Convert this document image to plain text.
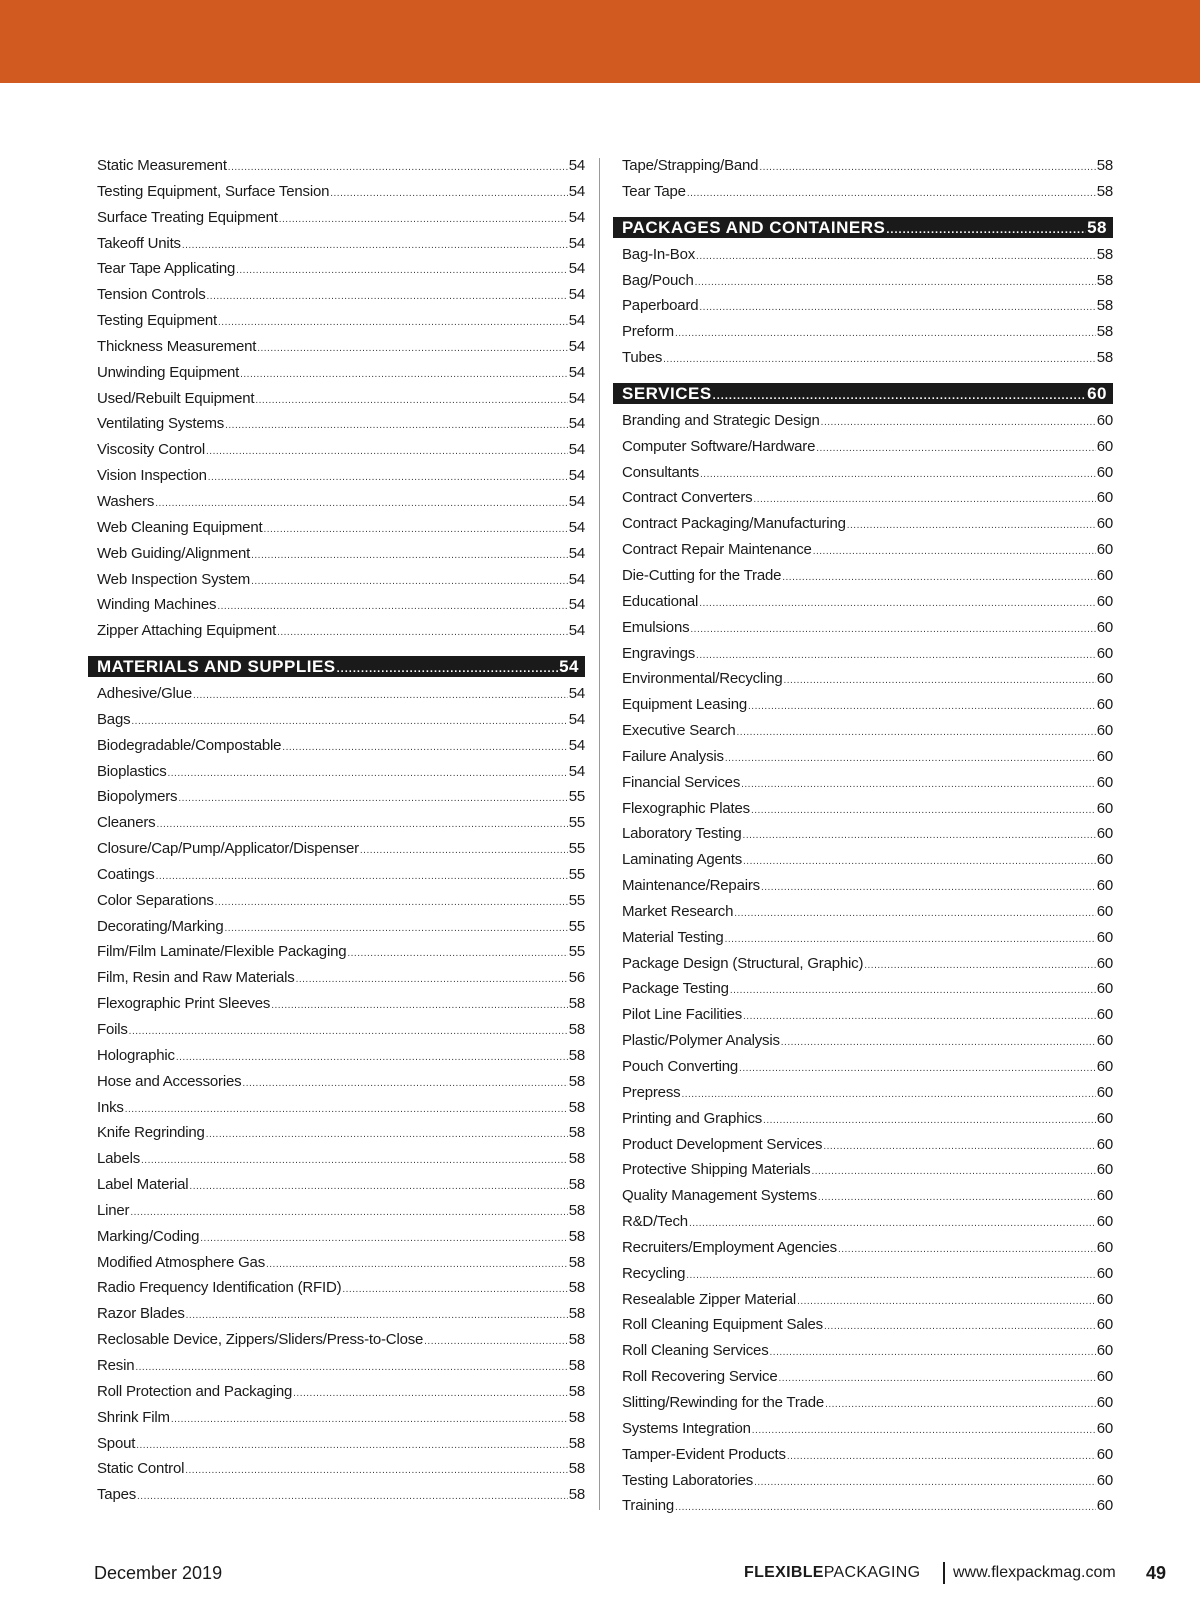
Static Measurement .....	54
Testing Equipment, Surface Tension .....	54
Surface Treating Equipment .....	54
Takeoff Units .....	54
Tear Tape Applicating .....	54
Tension Controls .....	54
Testing Equipment .....	54
Thickness Measurement .....	54
Unwinding Equipment .....	54
Used/Rebuilt Equipment .....	54
Ventilating Systems .....	54
Viscosity Control .....	54
Vision Inspection .....	54
Washers .....	54
Web Cleaning Equipment .....	54
Web Guiding/Alignment .....	54
Web Inspection System .....	54
Winding Machines .....	54
Zipper Attaching Equipment .....	54
MATERIALS AND SUPPLIES .....	54
Adhesive/Glue .....	54
Bags .....	54
Biodegradable/Compostable .....	54
Bioplastics .....	54
Biopolymers .....	55
Cleaners .....	55
Closure/Cap/Pump/Applicator/Dispenser .....	55
Coatings .....	55
Color Separations .....	55
Decorating/Marking .....	55
Film/Film Laminate/Flexible Packaging .....	55
Film, Resin and Raw Materials .....	56
Flexographic Print Sleeves .....	58
Foils .....	58
Holographic .....	58
Hose and Accessories .....	58
Inks .....	58
Knife Regrinding .....	58
Labels .....	58
Label Material .....	58
Liner .....	58
Marking/Coding .....	58
Modified Atmosphere Gas .....	58
Radio Frequency Identification (RFID) .....	58
Razor Blades .....	58
Reclosable Device, Zippers/Sliders/Press-to-Close .....	58
Resin .....	58
Roll Protection and Packaging .....	58
Shrink Film .....	58
Spout .....	58
Static Control .....	58
Tapes .....	58
Tape/Strapping/Band .....	58
Tear Tape .....	58
PACKAGES AND CONTAINERS .....	58
Bag-In-Box .....	58
Bag/Pouch .....	58
Paperboard .....	58
Preform .....	58
Tubes .....	58
SERVICES .....	60
Branding and Strategic Design .....	60
Computer Software/Hardware .....	60
Consultants .....	60
Contract Converters .....	60
Contract Packaging/Manufacturing .....	60
Contract Repair Maintenance .....	60
Die-Cutting for the Trade .....	60
Educational .....	60
Emulsions .....	60
Engravings .....	60
Environmental/Recycling .....	60
Equipment Leasing .....	60
Executive Search .....	60
Failure Analysis .....	60
Financial Services .....	60
Flexographic Plates .....	60
Laboratory Testing .....	60
Laminating Agents .....	60
Maintenance/Repairs .....	60
Market Research .....	60
Material Testing .....	60
Package Design (Structural, Graphic) .....	60
Package Testing .....	60
Pilot Line Facilities .....	60
Plastic/Polymer Analysis .....	60
Pouch Converting .....	60
Prepress .....	60
Printing and Graphics .....	60
Product Development Services .....	60
Protective Shipping Materials .....	60
Quality Management Systems .....	60
R&D/Tech .....	60
Recruiters/Employment Agencies .....	60
Recycling .....	60
Resealable Zipper Material .....	60
Roll Cleaning Equipment Sales .....	60
Roll Cleaning Services .....	60
Roll Recovering Service .....	60
Slitting/Rewinding for the Trade .....	60
Systems Integration .....	60
Tamper-Evident Products .....	60
Testing Laboratories .....	60
Training .....	60
December 2019	FLEXIBLEPACKAGING www.flexpackmag.com 49
